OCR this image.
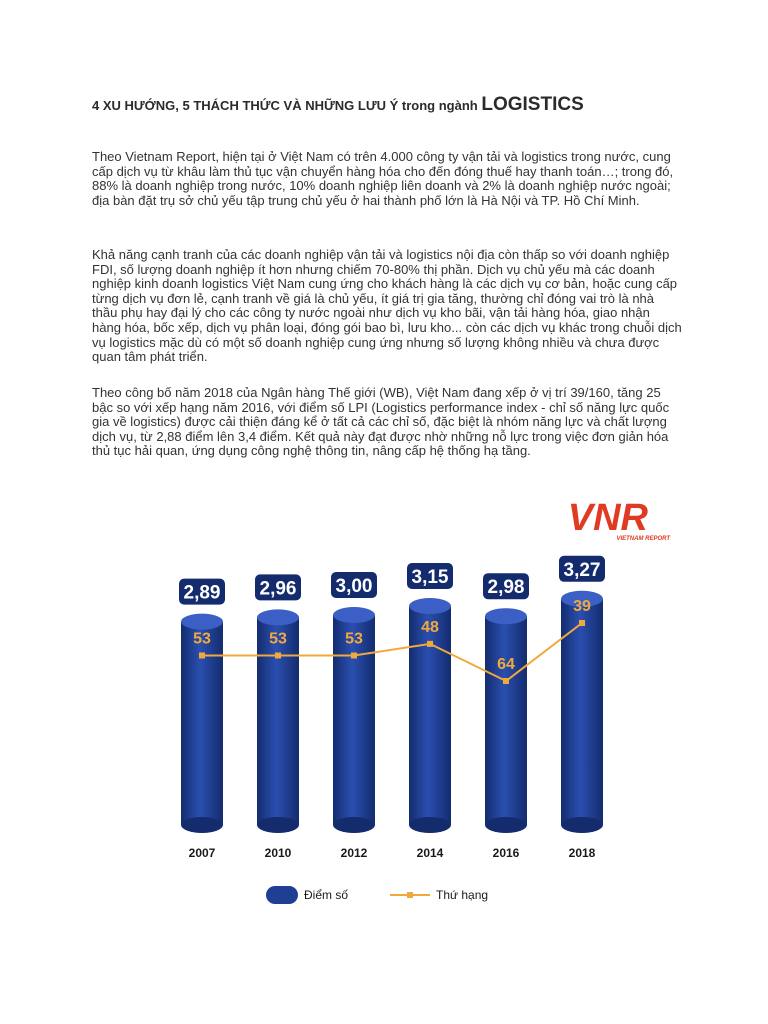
4 XU HƯỚNG, 5 THÁCH THỨC VÀ NHỮNG LƯU Ý trong ngành LOGISTICS
Theo Vietnam Report, hiện tại ở Việt Nam có trên 4.000 công ty vận tải và logistics trong nước, cung cấp dịch vụ từ khâu làm thủ tục vận chuyển hàng hóa cho đến đóng thuế hay thanh toán…; trong đó, 88% là doanh nghiệp trong nước, 10% doanh nghiệp liên doanh và 2% là doanh nghiệp nước ngoài; địa bàn đặt trụ sở chủ yếu tập trung chủ yếu ở hai thành phố lớn là Hà Nội và TP. Hồ Chí Minh.
Khả năng cạnh tranh của các doanh nghiệp vận tải và logistics nội địa còn thấp so với doanh nghiệp FDI, số lượng doanh nghiệp ít hơn nhưng chiếm 70-80% thị phần. Dịch vụ chủ yếu mà các doanh nghiệp kinh doanh logistics Việt Nam cung ứng cho khách hàng là các dịch vụ cơ bản, hoặc cung cấp từng dịch vụ đơn lẻ, cạnh tranh về giá là chủ yếu, ít giá trị gia tăng, thường chỉ đóng vai trò là nhà thầu phụ hay đại lý cho các công ty nước ngoài như dịch vụ kho bãi, vận tải hàng hóa, giao nhận hàng hóa, bốc xếp, dịch vụ phân loại, đóng gói bao bì, lưu kho... còn các dịch vụ khác trong chuỗi dịch vụ logistics mặc dù có một số doanh nghiệp cung ứng nhưng số lượng không nhiều và chưa được quan tâm phát triển.
Theo công bố năm 2018 của Ngân hàng Thế giới (WB), Việt Nam đang xếp ở vị trí 39/160, tăng 25 bậc so với xếp hạng năm 2016, với điểm số LPI (Logistics performance index - chỉ số năng lực quốc gia về logistics) được cải thiện đáng kể ở tất cả các chỉ số, đặc biệt là nhóm năng lực và chất lượng dịch vụ, từ 2,88 điểm lên 3,4 điểm. Kết quả này đạt được nhờ những nỗ lực trong việc đơn giản hóa thủ tục hải quan, ứng dụng công nghệ thông tin, nâng cấp hệ thống hạ tầng.
VNR
VIETNAM REPORT
2,89 2,96 3,00 3,15 2,98
3,27
53	53	53
48
64
39
2007	2010	2012	2014	2016	2018
Điểm số	Thứ hạng
